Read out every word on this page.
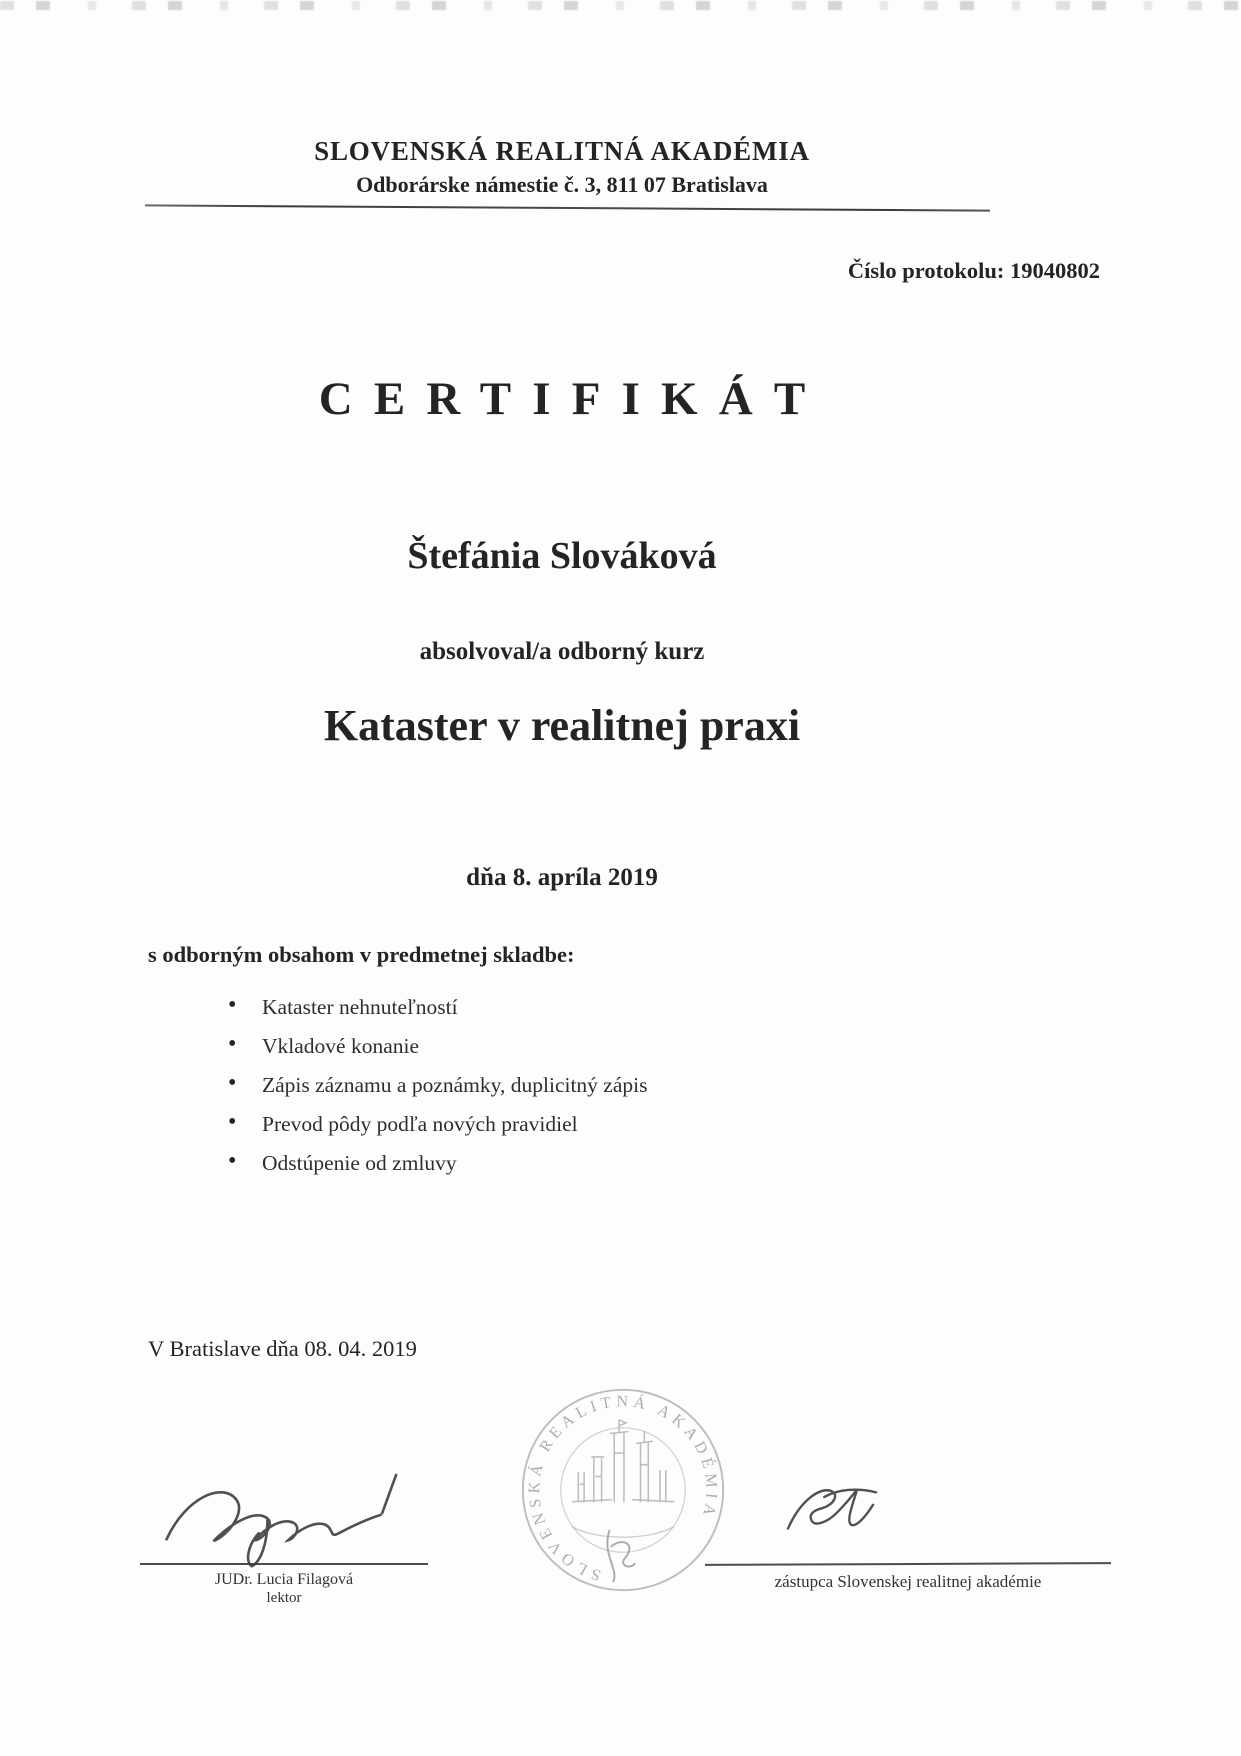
SLOVENSKÁ REALITNÁ AKADÉMIA
Odborárske námestie č. 3, 811 07 Bratislava
Číslo protokolu: 19040802
CERTIFIKÁT
Štefánia Slováková
absolvoval/a odborný kurz
Kataster v realitnej praxi
dňa 8. apríla 2019
s odborným obsahom v predmetnej skladbe:
• Kataster nehnuteľností
• Vkladové konanie
• Zápis záznamu a poznámky, duplicitný zápis
• Prevod pôdy podľa nových pravidiel
• Odstúpenie od zmluvy
V Bratislave dňa 08. 04. 2019
SLOVENSKÁ REALITNÁ AKADÉMIA
JUDr. Lucia Filagová
lektor
zástupca Slovenskej realitnej akadémie
